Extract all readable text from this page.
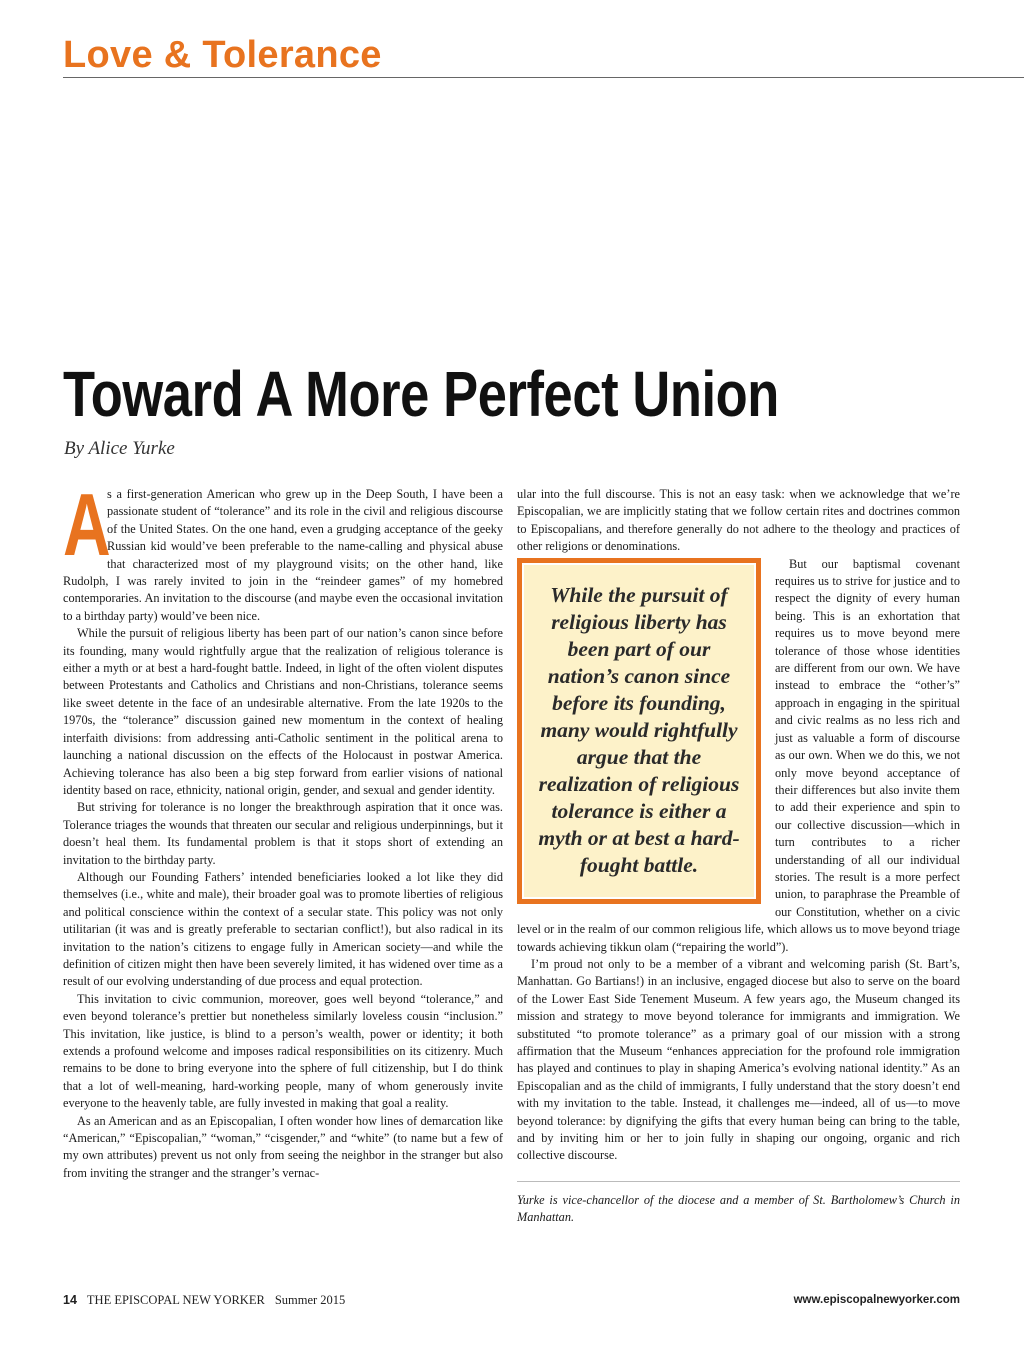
Love & Tolerance
Toward A More Perfect Union
By Alice Yurke

A
s a first-generation American who grew up in the Deep South, I have been a passionate student of “tolerance” and its role in the civil and religious discourse of the United States. On the one hand, even a grudging acceptance of the geeky Russian kid would’ve been preferable to the name-calling and physical abuse that characterized most of my playground visits; on the other hand, like Rudolph, I was rarely invited to join in the “reindeer games” of my homebred contemporaries. An invitation to the discourse (and maybe even the occasional invitation to a birthday party) would’ve been nice.

While the pursuit of religious liberty has been part of our nation’s canon since before its founding, many would rightfully argue that the realization of religious tolerance is either a myth or at best a hard-fought battle. Indeed, in light of the often violent disputes between Protestants and Catholics and Christians and non-Christians, tolerance seems like sweet detente in the face of an undesirable alternative. From the late 1920s to the 1970s, the “tolerance” discussion gained new momentum in the context of healing interfaith divisions: from addressing anti-Catholic sentiment in the political arena to launching a national discussion on the effects of the Holocaust in postwar America. Achieving tolerance has also been a big step forward from earlier visions of national identity based on race, ethnicity, national origin, gender, and sexual and gender identity.

But striving for tolerance is no longer the breakthrough aspiration that it once was. Tolerance triages the wounds that threaten our secular and religious underpinnings, but it doesn’t heal them. Its fundamental problem is that it stops short of extending an invitation to the birthday party.

Although our Founding Fathers’ intended beneficiaries looked a lot like they did themselves (i.e., white and male), their broader goal was to promote liberties of religious and political conscience within the context of a secular state. This policy was not only utilitarian (it was and is greatly preferable to sectarian conflict!), but also radical in its invitation to the nation’s citizens to engage fully in American society—and while the definition of citizen might then have been severely limited, it has widened over time as a result of our evolving understanding of due process and equal protection.

This invitation to civic communion, moreover, goes well beyond “tolerance,” and even beyond tolerance’s prettier but nonetheless similarly loveless cousin “inclusion.” This invitation, like justice, is blind to a person’s wealth, power or identity; it both extends a profound welcome and imposes radical responsibilities on its citizenry. Much remains to be done to bring everyone into the sphere of full citizenship, but I do think that a lot of well-meaning, hard-working people, many of whom generously invite everyone to the heavenly table, are fully invested in making that goal a reality.

As an American and as an Episcopalian, I often wonder how lines of demarcation like “American,” “Episcopalian,” “woman,” “cisgender,” and “white” (to name but a few of my own attributes) prevent us not only from seeing the neighbor in the stranger but also from inviting the stranger and the stranger’s vernac-

ular into the full discourse. This is not an easy task: when we acknowledge that we’re Episcopalian, we are implicitly stating that we follow certain rites and doctrines common to Episcopalians, and therefore generally do not adhere to the theology and practices of other religions or denominations.

While the pursuit of religious liberty has been part of our nation’s canon since before its founding, many would rightfully argue that the realization of religious tolerance is either a myth or at best a hard-fought battle.

But our baptismal covenant requires us to strive for justice and to respect the dignity of every human being. This is an exhortation that requires us to move beyond mere tolerance of those whose identities are different from our own. We have instead to embrace the “other’s” approach in engaging in the spiritual and civic realms as no less rich and just as valuable a form of discourse as our own. When we do this, we not only move beyond acceptance of their differences but also invite them to add their experience and spin to our collective discussion—which in turn contributes to a richer understanding of all our individual stories. The result is a more perfect union, to paraphrase the Preamble of our Constitution, whether on a civic level or in the realm of our common religious life, which allows us to move beyond triage towards achieving tikkun olam (“repairing the world”).

I’m proud not only to be a member of a vibrant and welcoming parish (St. Bart’s, Manhattan. Go Bartians!) in an inclusive, engaged diocese but also to serve on the board of the Lower East Side Tenement Museum. A few years ago, the Museum changed its mission and strategy to move beyond tolerance for immigrants and immigration. We substituted “to promote tolerance” as a primary goal of our mission with a strong affirmation that the Museum “enhances appreciation for the profound role immigration has played and continues to play in shaping America’s evolving national identity.” As an Episcopalian and as the child of immigrants, I fully understand that the story doesn’t end with my invitation to the table. Instead, it challenges me—indeed, all of us—to move beyond tolerance: by dignifying the gifts that every human being can bring to the table, and by inviting him or her to join fully in shaping our ongoing, organic and rich collective discourse.

Yurke is vice-chancellor of the diocese and a member of St. Bartholomew’s Church in Manhattan.

14 THE EPISCOPAL NEW YORKER Summer 2015	www.episcopalnewyorker.com
